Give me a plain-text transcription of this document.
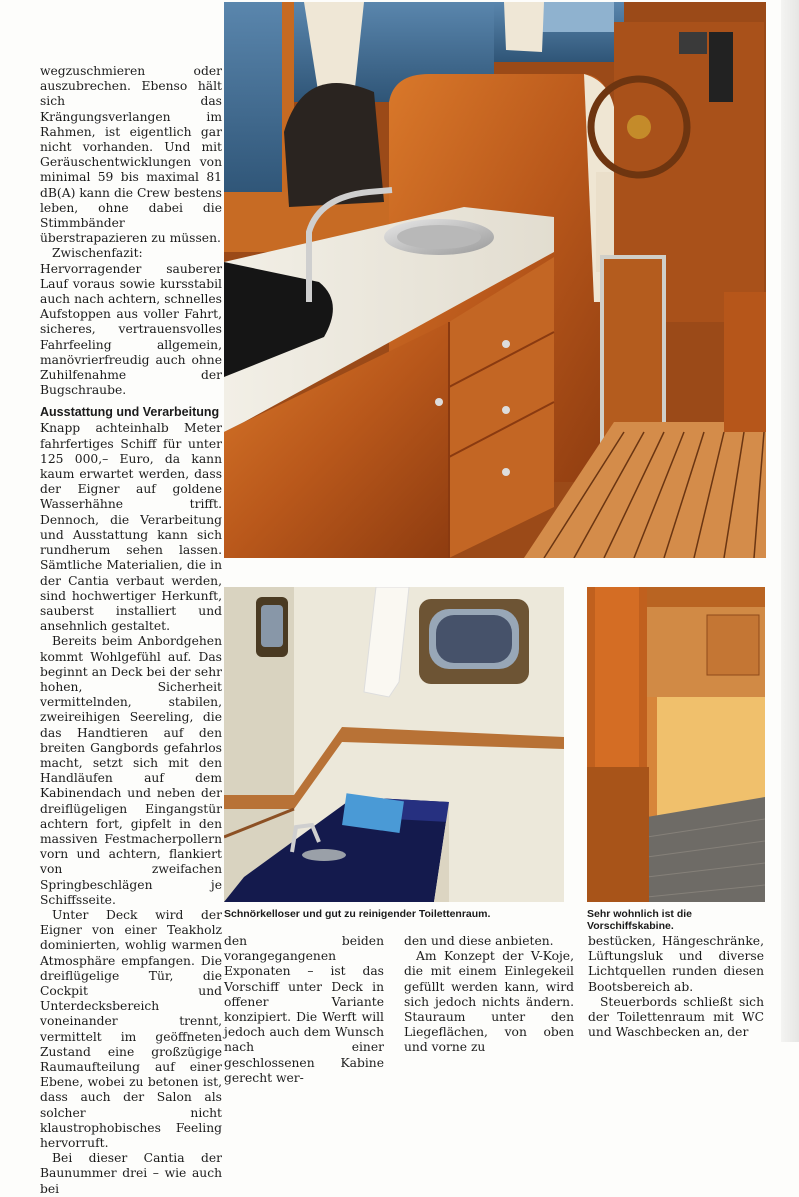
wegzuschmieren oder auszubrechen. Ebenso hält sich das Krängungsverlangen im Rahmen, ist eigentlich gar nicht vorhanden. Und mit Geräuschentwicklungen von minimal 59 bis maximal 81 dB(A) kann die Crew bestens leben, ohne dabei die Stimmbänder überstrapazieren zu müssen.

Zwischenfazit: Hervorragender sauberer Lauf voraus sowie kursstabil auch nach achtern, schnelles Aufstoppen aus voller Fahrt, sicheres, vertrauensvolles Fahrfeeling allgemein, manövrierfreudig auch ohne Zuhilfenahme der Bugschraube.

Ausstattung und Verarbeitung

Knapp achteinhalb Meter fahrfertiges Schiff für unter 125 000,– Euro, da kann kaum erwartet werden, dass der Eigner auf goldene Wasserhähne trifft. Dennoch, die Verarbeitung und Ausstattung kann sich rundherum sehen lassen. Sämtliche Materialien, die in der Cantia verbaut werden, sind hochwertiger Herkunft, sauberst installiert und ansehnlich gestaltet.

Bereits beim Anbordgehen kommt Wohlgefühl auf. Das beginnt an Deck bei der sehr hohen, Sicherheit vermittelnden, stabilen, zweireihigen Seereling, die das Handtieren auf den breiten Gangbords gefahrlos macht, setzt sich mit den Handläufen auf dem Kabinendach und neben der dreiflügeligen Eingangstür achtern fort, gipfelt in den massiven Festmacherpollern vorn und achtern, flankiert von zweifachen Springbeschlägen je Schiffsseite.

Unter Deck wird der Eigner von einer Teakholz dominierten, wohlig warmen Atmosphäre empfangen. Die dreiflügelige Tür, die Cockpit und Unterdecksbereich voneinander trennt, vermittelt im geöffneten Zustand eine großzügige Raumaufteilung auf einer Ebene, wobei zu betonen ist, dass auch der Salon als solcher nicht klaustrophobisches Feeling hervorruft.

Bei dieser Cantia der Baunummer drei – wie auch bei

Schnörkelloser und gut zu reinigender Toilettenraum.	Sehr wohnlich ist die Vorschiffskabine.

den beiden vorangegangenen Exponaten – ist das Vorschiff unter Deck in offener Variante konzipiert. Die Werft will jedoch auch dem Wunsch nach einer geschlossenen Kabine gerecht wer-

den und diese anbieten.

Am Konzept der V-Koje, die mit einem Einlegekeil gefüllt werden kann, wird sich jedoch nichts ändern. Stauraum unter den Liegeflächen, von oben und vorne zu

bestücken, Hängeschränke, Lüftungsluk und diverse Lichtquellen runden diesen Bootsbereich ab.

Steuerbords schließt sich der Toilettenraum mit WC und Waschbecken an, der
